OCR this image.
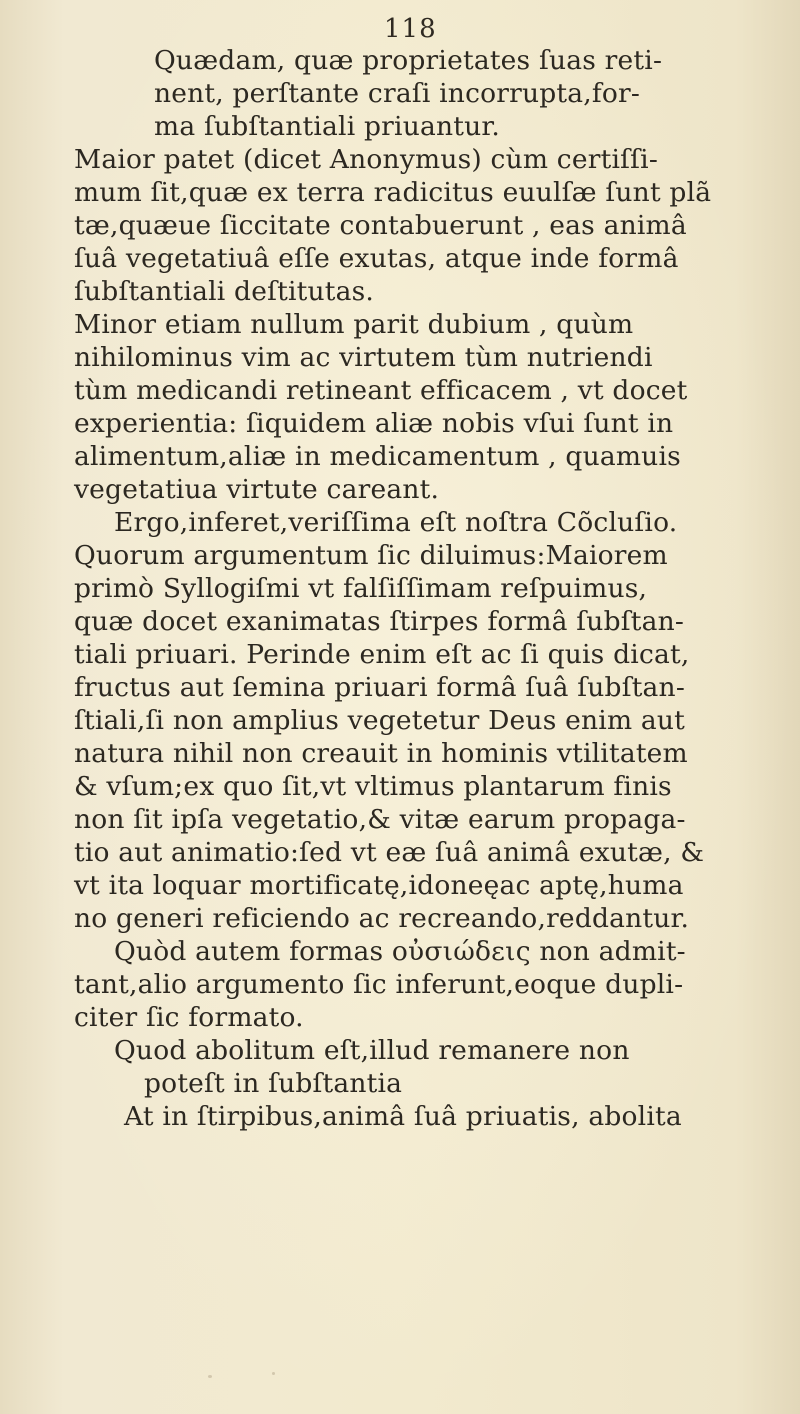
118
Quædam, quæ proprietates ſuas reti-
nent, perſtante craſi incorrupta,for-
ma ſubſtantiali priuantur.
Maior patet (dicet Anonymus) cùm certiſſi-
mum ſit,quæ ex terra radicitus euulſæ ſunt plã
tæ,quæue ſiccitate contabuerunt , eas animâ
ſuâ vegetatiuâ eſſe exutas, atque inde formâ
ſubſtantiali deſtitutas.
Minor etiam nullum parit dubium , quùm
nihilominus vim ac virtutem tùm nutriendi
tùm medicandi retineant efficacem , vt docet
experientia: ſiquidem aliæ nobis vſui ſunt in
alimentum,aliæ in medicamentum , quamuis
vegetatiua virtute careant.
Ergo,inferet,veriſſima eſt noſtra Cõcluſio.
Quorum argumentum ſic diluimus:Maiorem
primò Syllogiſmi vt falſiſſimam reſpuimus,
quæ docet exanimatas ſtirpes formâ ſubſtan-
tiali priuari. Perinde enim eſt ac ſi quis dicat,
fructus aut ſemina priuari formâ ſuâ ſubſtan-
ſtiali,ſi non amplius vegetetur Deus enim aut
natura nihil non creauit in hominis vtilitatem
& vſum;ex quo ſit,vt vltimus plantarum finis
non ſit ipſa vegetatio,& vitæ earum propaga-
tio aut animatio:ſed vt eæ ſuâ animâ exutæ, &
vt ita loquar mortificatę,idoneęac aptę,huma
no generi reficiendo ac recreando,reddantur.
Quòd autem formas οὐσιώδεις non admit-
tant,alio argumento ſic inferunt,eoque dupli-
citer ſic formato.
Quod abolitum eſt,illud remanere non
poteſt in ſubſtantia
At in ſtirpibus,animâ ſuâ priuatis, abolita
